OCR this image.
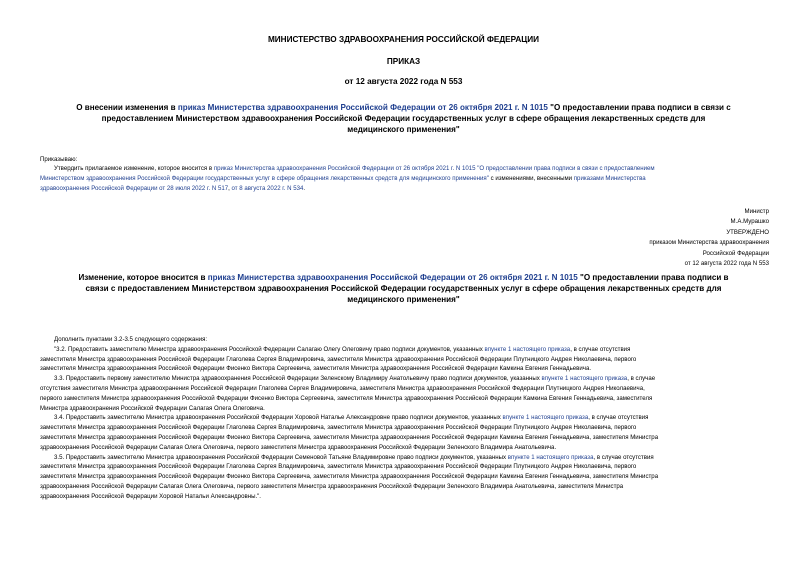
МИНИСТЕРСТВО ЗДРАВООХРАНЕНИЯ РОССИЙСКОЙ ФЕДЕРАЦИИ
ПРИКАЗ
от 12 августа 2022 года N 553
О внесении изменения в приказ Министерства здравоохранения Российской Федерации от 26 октября 2021 г. N 1015 "О предоставлении права подписи в связи с
предоставлением Министерством здравоохранения Российской Федерации государственных услуг в сфере обращения лекарственных средств для
медицинского применения"
Приказываю:
Утвердить прилагаемое изменение, которое вносится в приказ Министерства здравоохранения Российской Федерации от 26 октября 2021 г. N 1015 "О предоставлении права подписи в связи с предоставлением
Министерством здравоохранения Российской Федерации государственных услуг в сфере обращения лекарственных средств для медицинского применения" с изменениями, внесенными приказами Министерства
здравоохранения Российской Федерации от 28 июля 2022 г. N 517, от 8 августа 2022 г. N 534.
Министр
М.А.Мурашко
УТВЕРЖДЕНО
приказом Министерства здравоохранения
Российской Федерации
от 12 августа 2022 года N 553
Изменение, которое вносится в приказ Министерства здравоохранения Российской Федерации от 26 октября 2021 г. N 1015 "О предоставлении права подписи в
связи с предоставлением Министерством здравоохранения Российской Федерации государственных услуг в сфере обращения лекарственных средств для
медицинского применения"
Дополнить пунктами 3.2-3.5 следующего содержания:
"3.2. Предоставить заместителю Министра здравоохранения Российской Федерации Салагаю Олегу Олеговичу право подписи документов, указанных впункте 1 настоящего приказа, в случае отсутствия
заместителя Министра здравоохранения Российской Федерации Глаголева Сергея Владимировича, заместителя Министра здравоохранения Российской Федерации Плутницкого Андрея Николаевича, первого
заместителя Министра здравоохранения Российской Федерации Фисенко Виктора Сергеевича, заместителя Министра здравоохранения Российской Федерации Камкина Евгения Геннадьевича.
3.3. Предоставить первому заместителю Министра здравоохранения Российской Федерации Зеленскому Владимиру Анатольевичу право подписи документов, указанных впункте 1 настоящего приказа, в случае
отсутствия заместителя Министра здравоохранения Российской Федерации Глаголева Сергея Владимировича, заместителя Министра здравоохранения Российской Федерации Плутницкого Андрея Николаевича,
первого заместителя Министра здравоохранения Российской Федерации Фисенко Виктора Сергеевича, заместителя Министра здравоохранения Российской Федерации Камкина Евгения Геннадьевича, заместителя
Министра здравоохранения Российской Федерации Салагая Олега Олеговича.
3.4. Предоставить заместителю Министра здравоохранения Российской Федерации Хоровой Наталье Александровне право подписи документов, указанных впункте 1 настоящего приказа, в случае отсутствия
заместителя Министра здравоохранения Российской Федерации Глаголева Сергея Владимировича, заместителя Министра здравоохранения Российской Федерации Плутницкого Андрея Николаевича, первого
заместителя Министра здравоохранения Российской Федерации Фисенко Виктора Сергеевича, заместителя Министра здравоохранения Российской Федерации Камкина Евгения Геннадьевича, заместителя Министра
здравоохранения Российской Федерации Салагая Олега Олеговича, первого заместителя Министра здравоохранения Российской Федерации Зеленского Владимира Анатольевича.
3.5. Предоставить заместителю Министра здравоохранения Российской Федерации Семеновой Татьяне Владимировне право подписи документов, указанных впункте 1 настоящего приказа, в случае отсутствия
заместителя Министра здравоохранения Российской Федерации Глаголева Сергея Владимировича, заместителя Министра здравоохранения Российской Федерации Плутницкого Андрея Николаевича, первого
заместителя Министра здравоохранения Российской Федерации Фисенко Виктора Сергеевича, заместителя Министра здравоохранения Российской Федерации Камкина Евгения Геннадьевича, заместителя Министра
здравоохранения Российской Федерации Салагая Олега Олеговича, первого заместителя Министра здравоохранения Российской Федерации Зеленского Владимира Анатольевича, заместителя Министра
здравоохранения Российской Федерации Хоровой Натальи Александровны.".
